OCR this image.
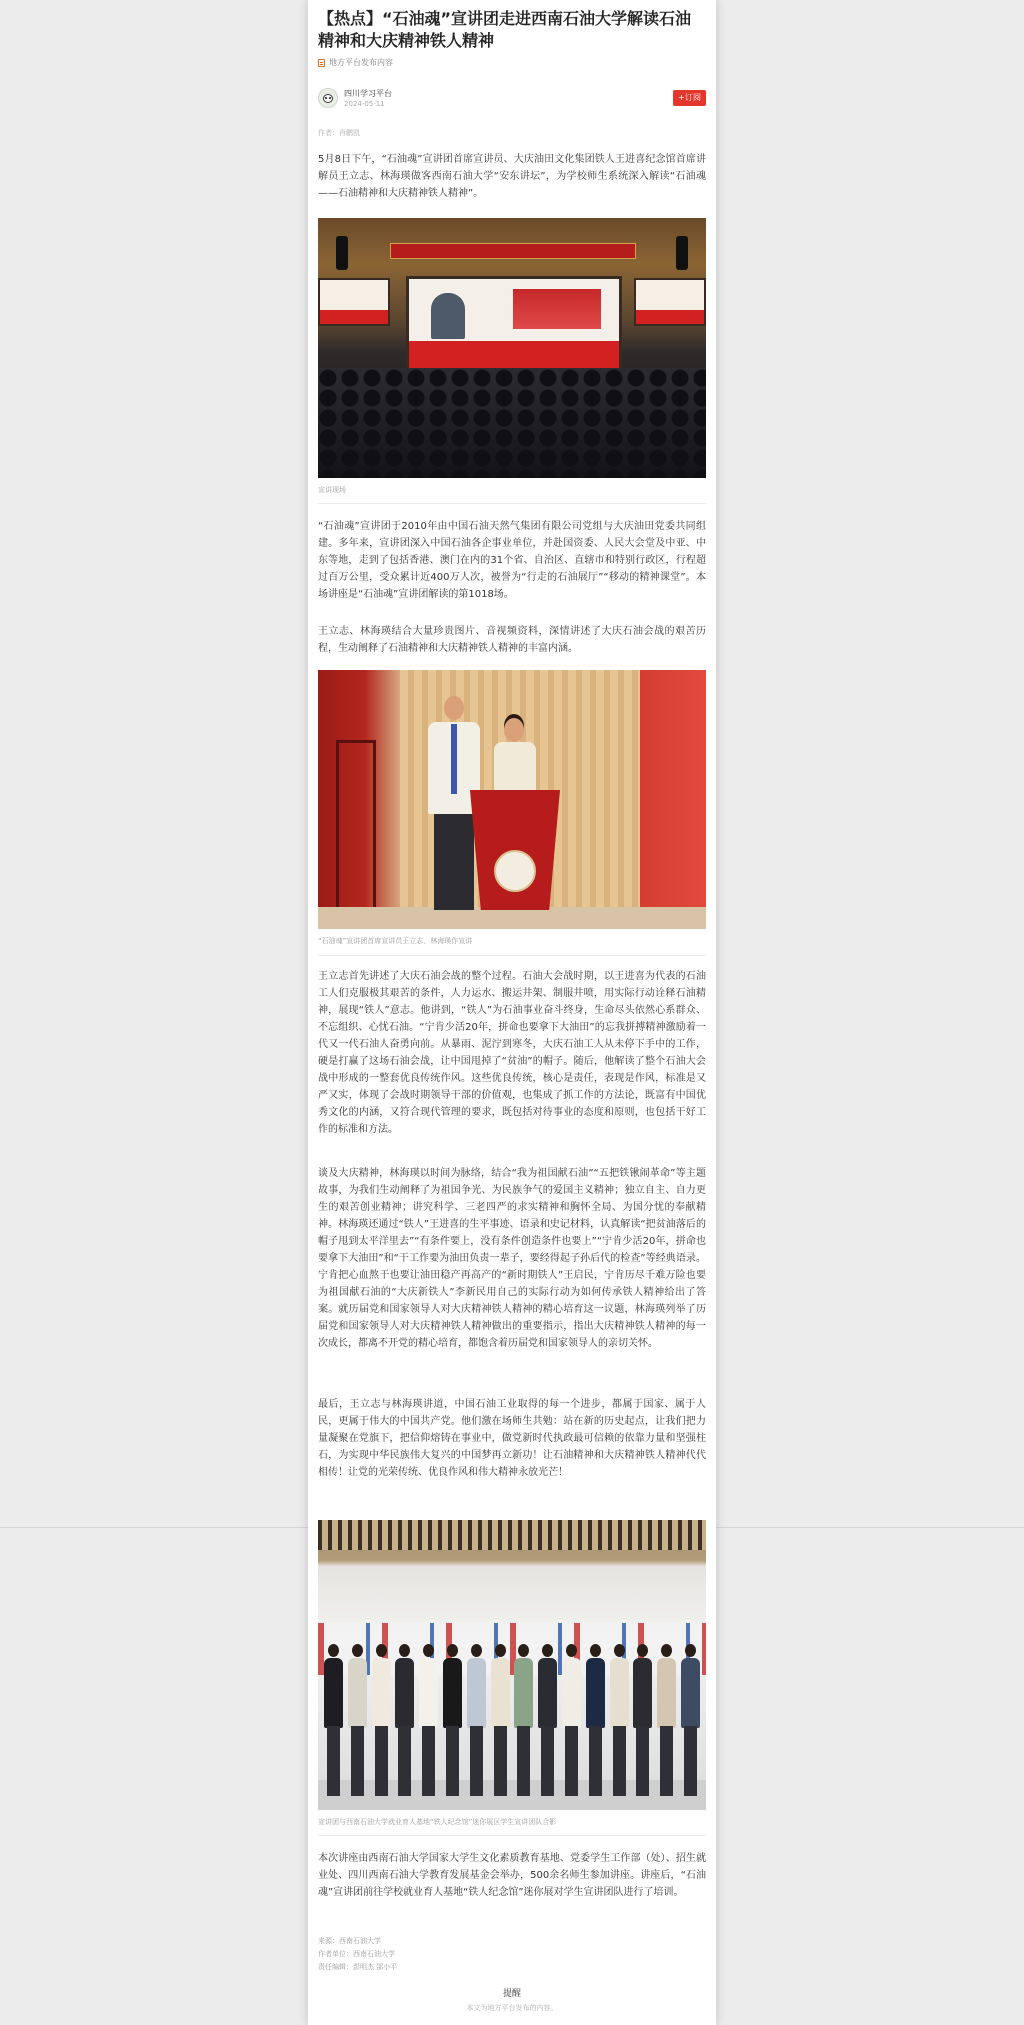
【热点】“石油魂”宣讲团走进西南石油大学解读石油精神和大庆精神铁人精神
地方平台发布内容
四川学习平台
2024-05-11
+订阅
作者：肖鹏凯

5月8日下午，“石油魂”宣讲团首席宣讲员、大庆油田文化集团铁人王进喜纪念馆首席讲解员王立志、林海瑛做客西南石油大学“安东讲坛”，为学校师生系统深入解读“石油魂——石油精神和大庆精神铁人精神”。

宣讲现场

“石油魂”宣讲团于2010年由中国石油天然气集团有限公司党组与大庆油田党委共同组建。多年来，宣讲团深入中国石油各企事业单位，并赴国资委、人民大会堂及中亚、中东等地，走到了包括香港、澳门在内的31个省、自治区、直辖市和特别行政区，行程超过百万公里，受众累计近400万人次，被誉为“行走的石油展厅”“移动的精神课堂”。本场讲座是“石油魂”宣讲团解读的第1018场。

王立志、林海瑛结合大量珍贵图片、音视频资料，深情讲述了大庆石油会战的艰苦历程，生动阐释了石油精神和大庆精神铁人精神的丰富内涵。

“石油魂”宣讲团首席宣讲员王立志、林海瑛作宣讲

王立志首先讲述了大庆石油会战的整个过程。石油大会战时期，以王进喜为代表的石油工人们克服极其艰苦的条件，人力运水、搬运井架、制服井喷，用实际行动诠释石油精神，展现“铁人”意志。他讲到，“铁人”为石油事业奋斗终身，生命尽头依然心系群众、不忘组织、心忧石油。“宁肯少活20年，拼命也要拿下大油田”的忘我拼搏精神激励着一代又一代石油人奋勇向前。从暴雨、泥泞到寒冬，大庆石油工人从未停下手中的工作，硬是打赢了这场石油会战，让中国甩掉了“贫油”的帽子。随后，他解读了整个石油大会战中形成的一整套优良传统作风。这些优良传统，核心是责任，表现是作风，标准是又严又实，体现了会战时期领导干部的价值观，也集成了抓工作的方法论，既富有中国优秀文化的内涵，又符合现代管理的要求，既包括对待事业的态度和原则，也包括干好工作的标准和方法。

谈及大庆精神，林海瑛以时间为脉络，结合“我为祖国献石油”“五把铁锹闹革命”等主题故事，为我们生动阐释了为祖国争光、为民族争气的爱国主义精神；独立自主、自力更生的艰苦创业精神；讲究科学、三老四严的求实精神和胸怀全局、为国分忧的奉献精神。林海瑛还通过“铁人”王进喜的生平事迹、语录和史记材料，认真解读“把贫油落后的帽子甩到太平洋里去”“有条件要上，没有条件创造条件也要上”“宁肯少活20年，拼命也要拿下大油田”和“干工作要为油田负责一辈子，要经得起子孙后代的检查”等经典语录。宁肯把心血熬干也要让油田稳产再高产的“新时期铁人”王启民，宁肯历尽千难万险也要为祖国献石油的“大庆新铁人”李新民用自己的实际行动为如何传承铁人精神给出了答案。就历届党和国家领导人对大庆精神铁人精神的精心培育这一议题，林海瑛列举了历届党和国家领导人对大庆精神铁人精神做出的重要指示，指出大庆精神铁人精神的每一次成长，都离不开党的精心培育，都饱含着历届党和国家领导人的亲切关怀。

最后，王立志与林海瑛讲道，中国石油工业取得的每一个进步，都属于国家、属于人民，更属于伟大的中国共产党。他们激在场师生共勉：站在新的历史起点，让我们把力量凝聚在党旗下，把信仰熔铸在事业中，做党新时代执政最可信赖的依靠力量和坚强柱石，为实现中华民族伟大复兴的中国梦再立新功！让石油精神和大庆精神铁人精神代代相传！让党的光荣传统、优良作风和伟大精神永放光芒！

宣讲团与西南石油大学就业育人基地“铁人纪念馆”迷你展区学生宣讲团队合影

本次讲座由西南石油大学国家大学生文化素质教育基地、党委学生工作部（处）、招生就业处、四川西南石油大学教育发展基金会举办，500余名师生参加讲座。讲座后，“石油魂”宣讲团前往学校就业育人基地“铁人纪念馆”迷你展对学生宣讲团队进行了培训。

来源：西南石油大学
作者单位：西南石油大学
责任编辑：彭明杰 邵小平
提醒
本文为地方平台发布的内容。
